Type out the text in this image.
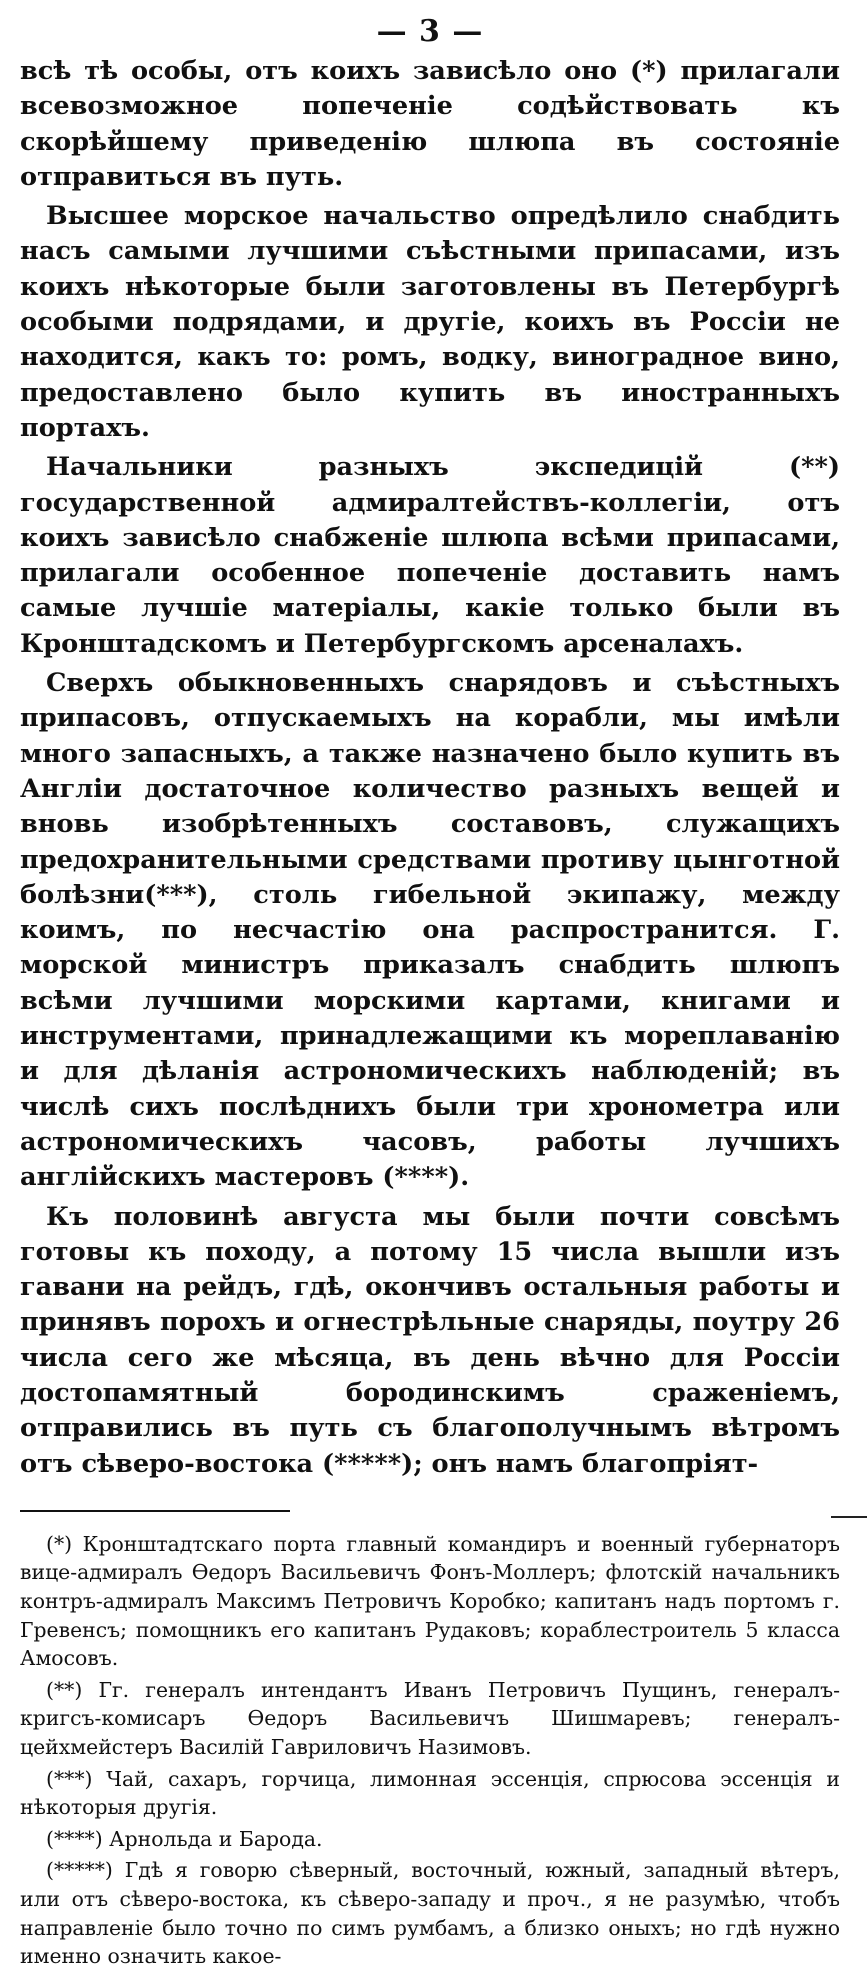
— 3 —

всѣ тѣ особы, отъ коихъ зависѣло оно (*) прилагали всевозможное попеченіе содѣйствовать къ скорѣйшему приведенію шлюпа въ состояніе отправиться въ путь.

Высшее морское начальство опредѣлило снабдить насъ самыми лучшими съѣстными припасами, изъ коихъ нѣкоторые были заготовлены въ Петербургѣ особыми подрядами, и другіе, коихъ въ Россіи не находится, какъ то: ромъ, водку, виноградное вино, предоставлено было купить въ иностранныхъ портахъ.

Начальники разныхъ экспедицій (**) государственной адмиралтействъ-коллегіи, отъ коихъ зависѣло снабженіе шлюпа всѣми припасами, прилагали особенное попеченіе доставить намъ самые лучшіе матеріалы, какіе только были въ Кронштадскомъ и Петербургскомъ арсеналахъ.

Сверхъ обыкновенныхъ снарядовъ и съѣстныхъ припасовъ, отпускаемыхъ на корабли, мы имѣли много запасныхъ, а также назначено было купить въ Англіи достаточное количество разныхъ вещей и вновь изобрѣтенныхъ составовъ, служащихъ предохранительными средствами противу цынготной болѣзни(***), столь гибельной экипажу, между коимъ, по несчастію она распространится. Г. морской министръ приказалъ снабдить шлюпъ всѣми лучшими морскими картами, книгами и инструментами, принадлежащими къ мореплаванію и для дѣланія астрономическихъ наблюденій; въ числѣ сихъ послѣднихъ были три хронометра или астрономическихъ часовъ, работы лучшихъ англійскихъ мастеровъ (****).

Къ половинѣ августа мы были почти совсѣмъ готовы къ походу, а потому 15 числа вышли изъ гавани на рейдъ, гдѣ, окончивъ остальныя работы и принявъ порохъ и огнестрѣльные снаряды, поутру 26 числа сего же мѣсяца, въ день вѣчно для Россіи достопамятный бородинскимъ сраженіемъ, отправились въ путь съ благополучнымъ вѣтромъ отъ сѣверо-востока (*****); онъ намъ благопріят-

(*) Кронштадтскаго порта главный командиръ и военный губернаторъ вице-адмиралъ Ѳедоръ Васильевичъ Фонъ-Моллеръ; флотскій начальникъ контръ-адмиралъ Максимъ Петровичъ Коробко; капитанъ надъ портомъ г. Гревенсъ; помощникъ его капитанъ Рудаковъ; кораблестроитель 5 класса Амосовъ.

(**) Гг. генералъ интендантъ Иванъ Петровичъ Пущинъ, генералъ-кригсъ-комисаръ Ѳедоръ Васильевичъ Шишмаревъ; генералъ-цейхмейстеръ Василій Гавриловичъ Назимовъ.

(***) Чай, сахаръ, горчица, лимонная эссенція, спрюсова эссенція и нѣкоторыя другія.

(****) Арнольда и Барода.

(*****) Гдѣ я говорю сѣверный, восточный, южный, западный вѣтеръ, или отъ сѣверо-востока, къ сѣверо-западу и проч., я не разумѣю, чтобъ направленіе было точно по симъ румбамъ, а близко оныхъ; но гдѣ нужно именно означить какое-
